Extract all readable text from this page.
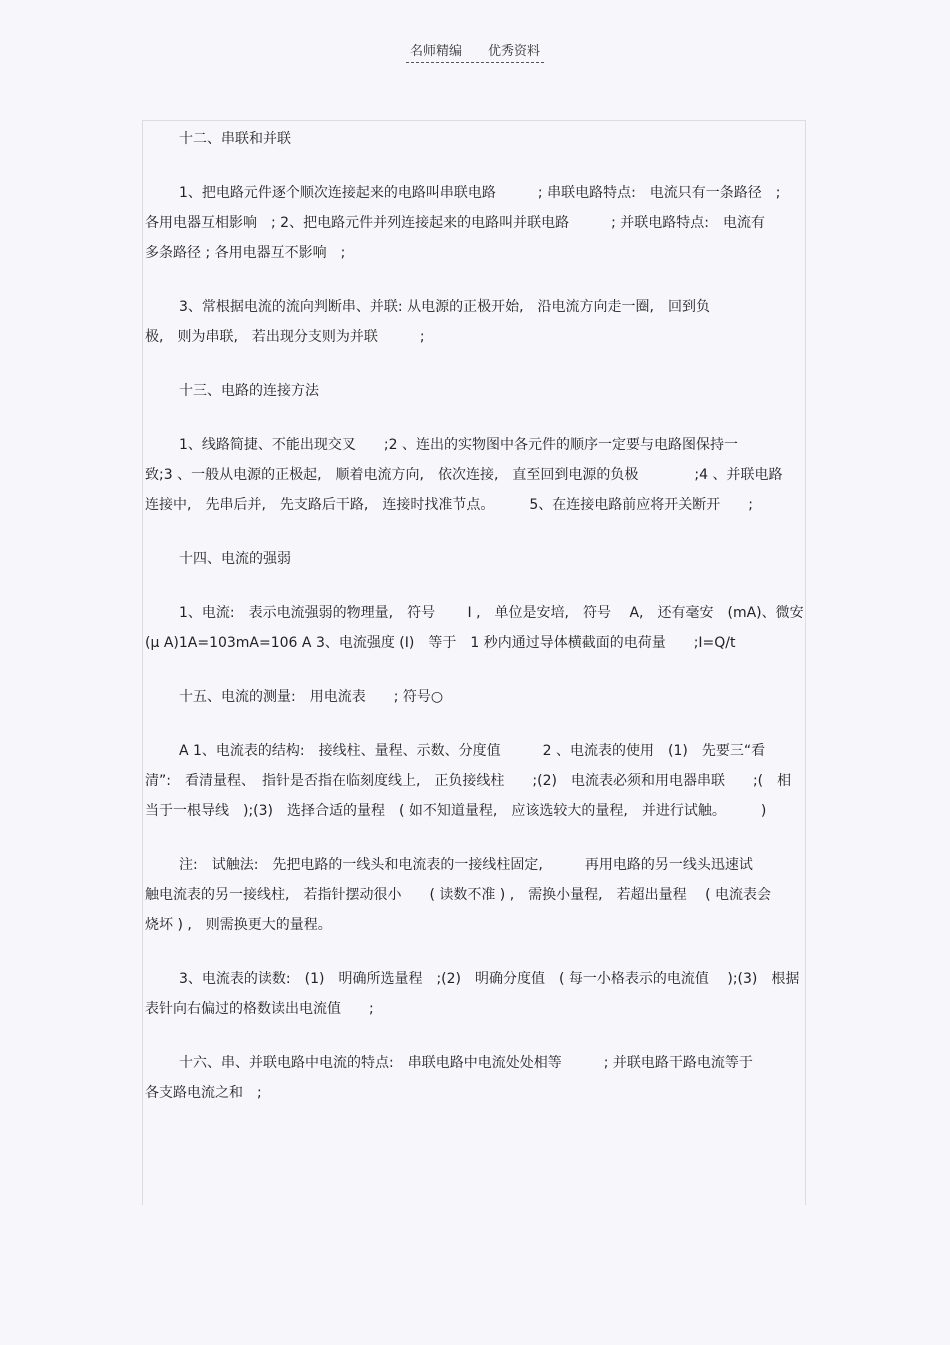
名师精编 优秀资料
十二、串联和并联
1、把电路元件逐个顺次连接起来的电路叫串联电路　　　; 串联电路特点:　电流只有一条路径　;
各用电器互相影响　; 2、把电路元件并列连接起来的电路叫并联电路　　　; 并联电路特点:　电流有
多条路径 ; 各用电器互不影响　;
3、常根据电流的流向判断串、并联: 从电源的正极开始,　沿电流方向走一圈,　回到负
极,　则为串联,　若出现分支则为并联　　　;
十三、电路的连接方法
1、线路简捷、不能出现交叉　　;2 、连出的实物图中各元件的顺序一定要与电路图保持一
致;3 、一般从电源的正极起,　顺着电流方向,　依次连接,　直至回到电源的负极　　　　;4 、并联电路
连接中,　先串后并,　先支路后干路,　连接时找准节点。　　　5、在连接电路前应将开关断开　　;
十四、电流的强弱
1、电流:　表示电流强弱的物理量,　符号　　 I ,　单位是安培,　符号　 A,　还有毫安　(mA)、微安
(μ A)1A=103mA=106 A 3、电流强度 (I)　等于　1 秒内通过导体横截面的电荷量　　;I=Q/t
十五、电流的测量:　用电流表　　; 符号○
A 1、电流表的结构:　接线柱、量程、示数、分度值　　　2 、电流表的使用　(1)　先要三“看
清”:　看清量程、　指针是否指在临刻度线上,　正负接线柱　　;(2)　电流表必须和用电器串联　　;(　相
当于一根导线　);(3)　选择合适的量程　( 如不知道量程,　应该选较大的量程,　并进行试触。　　　)
注:　试触法:　先把电路的一线头和电流表的一接线柱固定,　　　再用电路的另一线头迅速试
触电流表的另一接线柱,　若指针摆动很小　　( 读数不准 ) ,　需换小量程,　若超出量程　 ( 电流表会
烧坏 ) ,　则需换更大的量程。
3、电流表的读数:　(1)　明确所选量程　;(2)　明确分度值　( 每一小格表示的电流值　 );(3)　根据
表针向右偏过的格数读出电流值　　;
十六、串、并联电路中电流的特点:　串联电路中电流处处相等　　　; 并联电路干路电流等于
各支路电流之和　;
